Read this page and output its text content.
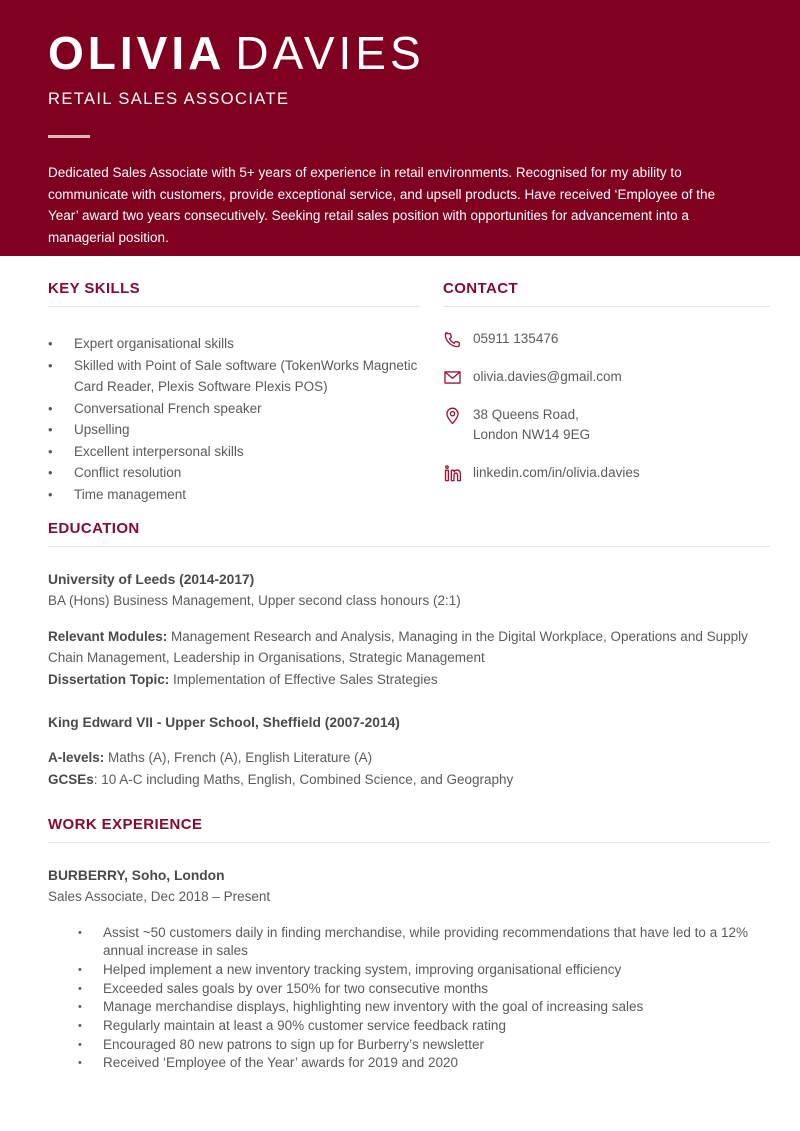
OLIVIA DAVIES
RETAIL SALES ASSOCIATE
Dedicated Sales Associate with 5+ years of experience in retail environments. Recognised for my ability to communicate with customers, provide exceptional service, and upsell products. Have received ‘Employee of the Year’ award two years consecutively. Seeking retail sales position with opportunities for advancement into a managerial position.
KEY SKILLS
•	Expert organisational skills
•	Skilled with Point of Sale software (TokenWorks Magnetic Card Reader, Plexis Software Plexis POS)
•	Conversational French speaker
•	Upselling
•	Excellent interpersonal skills
•	Conflict resolution
•	Time management
CONTACT
05911 135476
olivia.davies@gmail.com
38 Queens Road,
London NW14 9EG
linkedin.com/in/olivia.davies
EDUCATION
University of Leeds (2014-2017)
BA (Hons) Business Management, Upper second class honours (2:1)
Relevant Modules: Management Research and Analysis, Managing in the Digital Workplace, Operations and Supply Chain Management, Leadership in Organisations, Strategic Management
Dissertation Topic: Implementation of Effective Sales Strategies
King Edward VII - Upper School, Sheffield (2007-2014)
A-levels: Maths (A), French (A), English Literature (A)
GCSEs: 10 A-C including Maths, English, Combined Science, and Geography
WORK EXPERIENCE
BURBERRY, Soho, London
Sales Associate, Dec 2018 – Present
•	Assist ~50 customers daily in finding merchandise, while providing recommendations that have led to a 12% annual increase in sales
•	Helped implement a new inventory tracking system, improving organisational efficiency
•	Exceeded sales goals by over 150% for two consecutive months
•	Manage merchandise displays, highlighting new inventory with the goal of increasing sales
•	Regularly maintain at least a 90% customer service feedback rating
•	Encouraged 80 new patrons to sign up for Burberry’s newsletter
•	Received ‘Employee of the Year’ awards for 2019 and 2020
